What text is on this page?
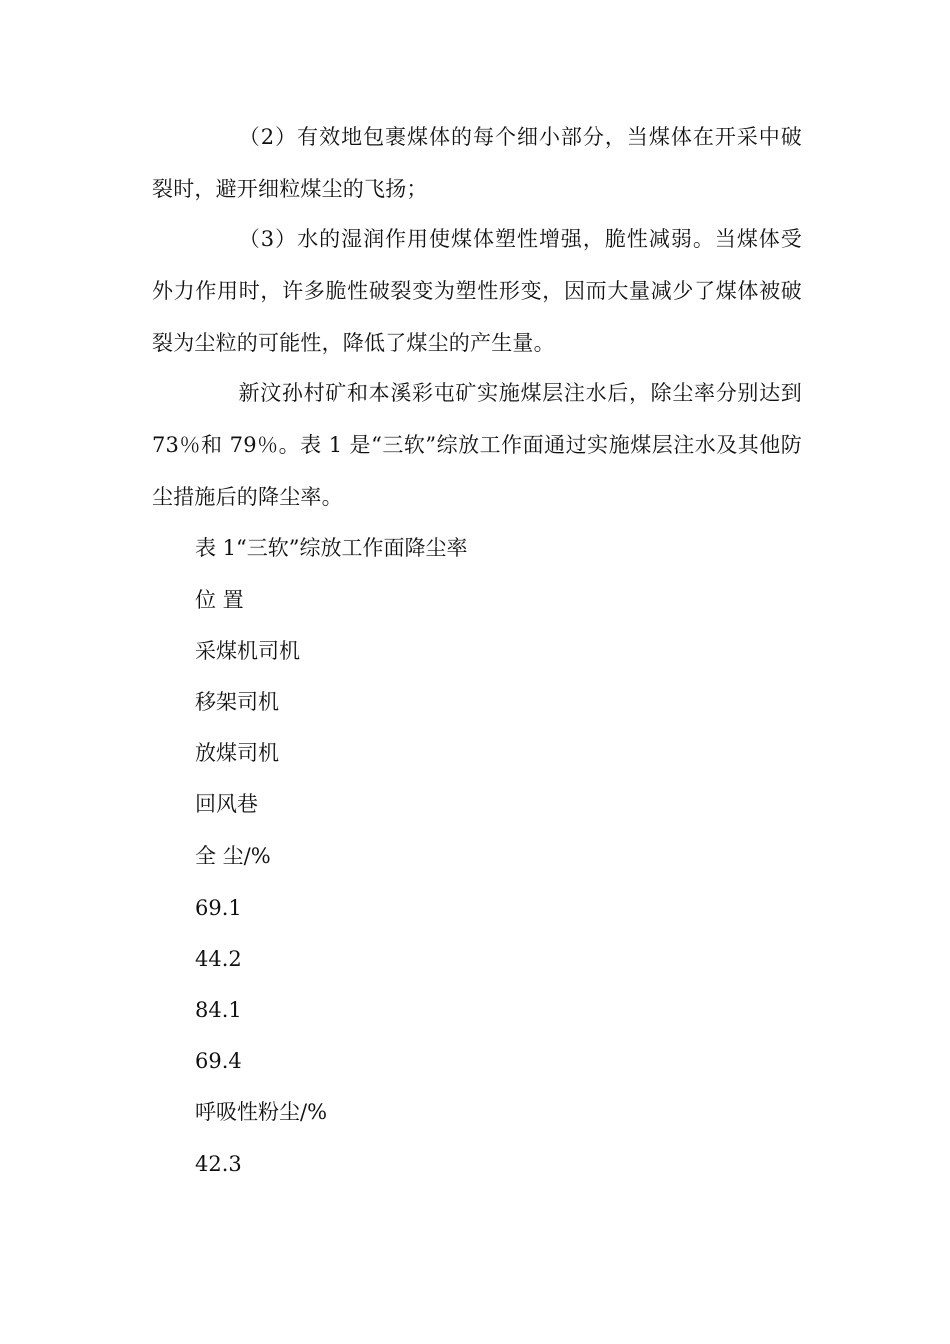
（2）有效地包裹煤体的每个细小部分，当煤体在开采中破裂时，避开细粒煤尘的飞扬；

（3）水的湿润作用使煤体塑性增强，脆性减弱。当煤体受外力作用时，许多脆性破裂变为塑性形变，因而大量减少了煤体被破裂为尘粒的可能性，降低了煤尘的产生量。

新汶孙村矿和本溪彩屯矿实施煤层注水后，除尘率分别达到 73％和 79％。表 1 是“三软”综放工作面通过实施煤层注水及其他防尘措施后的降尘率。

表 1“三软”综放工作面降尘率

位 置

采煤机司机

移架司机

放煤司机

回风巷

全 尘/%

69.1

44.2

84.1

69.4

呼吸性粉尘/%

42.3
